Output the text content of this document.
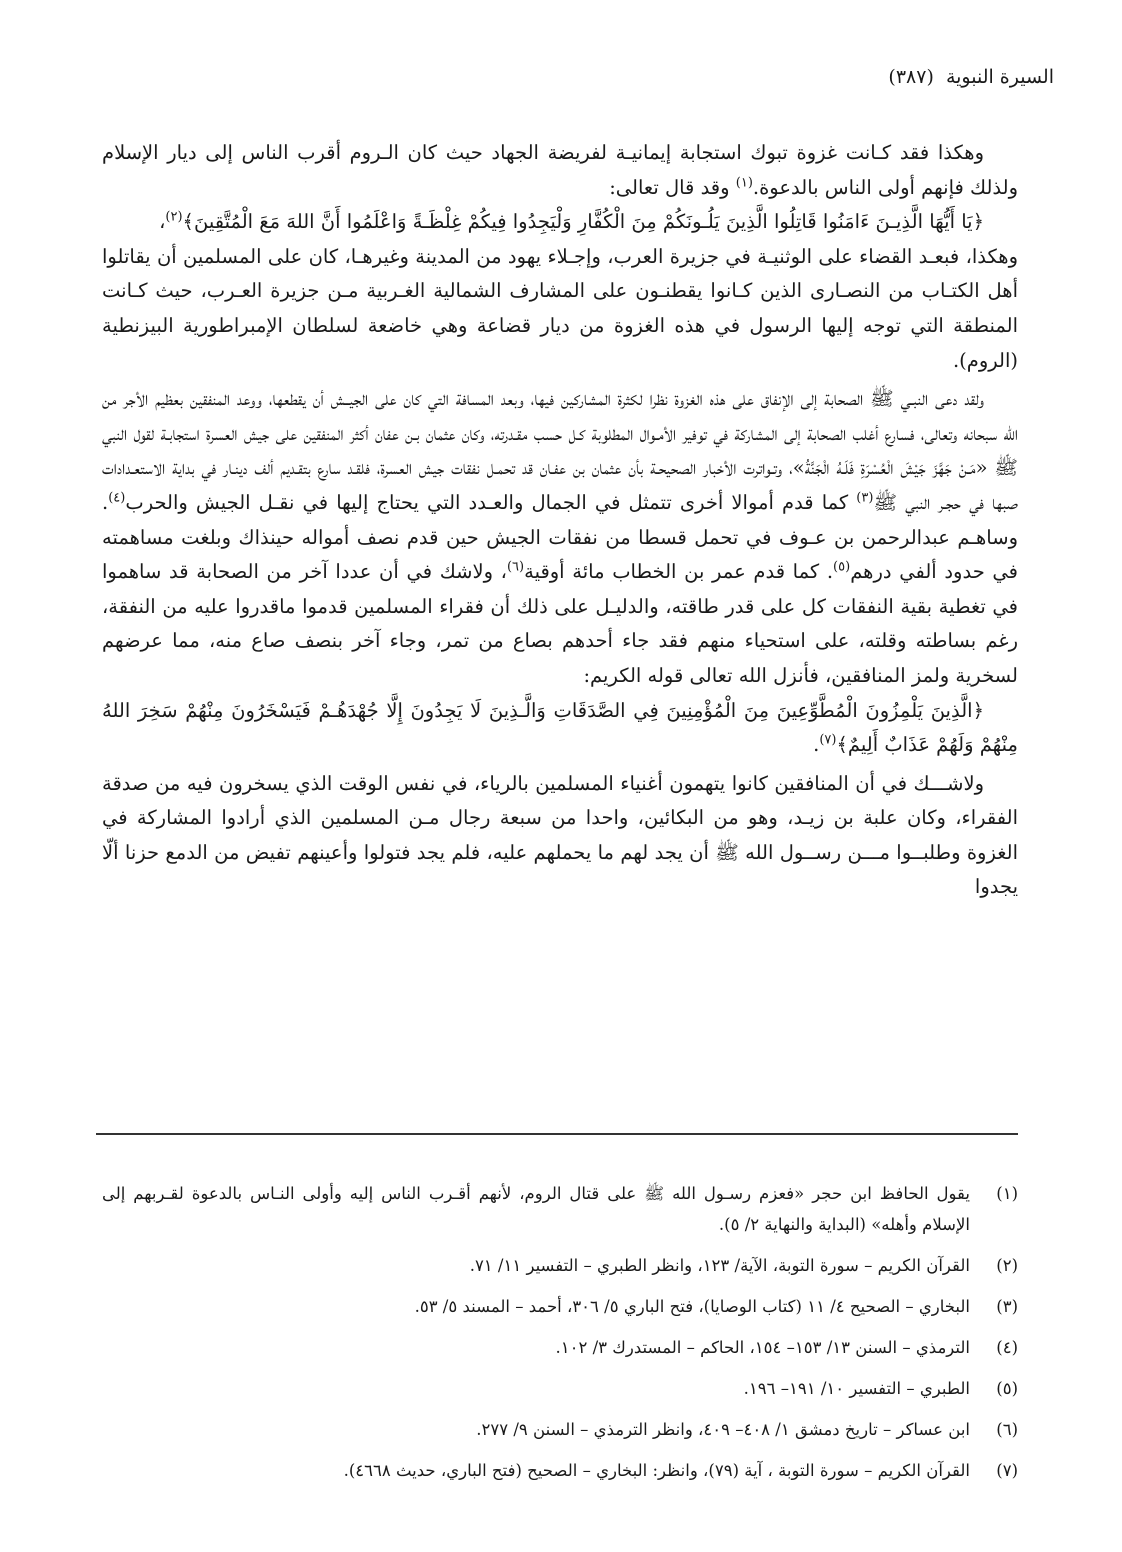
السيرة النبوية (٣٨٧)

وهكذا فقد كـانت غزوة تبوك استجابة إيمانيـة لفريضة الجهاد حيث كان الـروم أقرب الناس إلى ديار الإسلام ولذلك فإنهم أولى الناس بالدعوة.$^{(١)}$ وقد قال تعالى:

﴿يَا أَيُّهَا الَّذِيـنَ ءَامَنُوا قَاتِلُوا الَّذِينَ يَلُـونَكُمْ مِنَ الْكُفَّارِ وَلْيَجِدُوا فِيكُمْ غِلْظَـةً وَاعْلَمُوا أَنَّ اللهَ مَعَ الْمُتَّقِينَ﴾$^{(٢)}$،

وهكذا، فبعـد القضاء على الوثنيـة في جزيرة العرب، وإجـلاء يهود من المدينة وغيرهـا، كان على المسلمين أن يقاتلوا أهل الكتـاب من النصـارى الذين كـانوا يقطنـون على المشارف الشمالية الغـربية مـن جزيرة العـرب، حيث كـانت المنطقة التي توجه إليها الرسول في هذه الغزوة من ديار قضاعة وهي خاضعة لسلطان الإمبراطورية البيزنطية (الروم).

ولقد دعى النبـي ﷺ الصحابة إلى الإنفاق على هذه الغزوة نظرا لكثرة المشاركين فيها، وبعد المسافة التي كان على الجيــش أن يقطعها، ووعد المنفقين بعظيم الأجر من الله سبحانه وتعالى، فسارع أغلب الصحابة إلى المشاركة في توفير الأمـوال المطلوبة كـل حسب مقـدرته، وكان عثمان بـن عفان أكثر المنفقين على جيش العسرة استجابـة لقول النبي ﷺ «مَـنْ جَهَّزَ جَيْشَ الْعُسْرَةِ فَلَـهُ الْجَنَّةُ»، وتـواترت الأخبار الصحيحـة بأن عثمان بن عفـان قد تحمـل نفقات جيش العسرة، فلقـد سارع بتقـديم ألف دينـار في بداية الاستعـدادات صبها في حجـر النبي ﷺ$^{(٣)}$ كما قدم أموالا أخرى تتمثل في الجمال والعـدد التي يحتاج إليها في نقـل الجيش والحرب$^{(٤)}$. وساهـم عبدالرحمن بن عـوف في تحمل قسطا من نفقات الجيش حين قدم نصف أمواله حينذاك وبلغت مساهمته في حدود ألفي درهم$^{(٥)}$. كما قدم عمر بن الخطاب مائة أوقية$^{(٦)}$، ولاشك في أن عددا آخر من الصحابة قد ساهموا في تغطية بقية النفقات كل على قدر طاقته، والدليـل على ذلك أن فقراء المسلمين قدموا ماقدروا عليه من النفقة، رغم بساطته وقلته، على استحياء منهم فقد جاء أحدهم بصاع من تمر، وجاء آخر بنصف صاع منه، مما عرضهم لسخرية ولمز المنافقين، فأنزل الله تعالى قوله الكريم:

﴿الَّذِينَ يَلْمِزُونَ الْمُطَّوِّعِينَ مِنَ الْمُؤْمِنِينَ فِي الصَّدَقَاتِ وَالَّـذِينَ لَا يَجِدُونَ إِلَّا جُهْدَهُـمْ فَيَسْخَرُونَ مِنْهُمْ سَخِرَ اللهُ مِنْهُمْ وَلَهُمْ عَذَابٌ أَلِيمٌ﴾$^{(٧)}$.

ولاشـــك في أن المنافقين كانوا يتهمون أغنياء المسلمين بالرياء، في نفس الوقت الذي يسخرون فيه من صدقة الفقراء، وكان علبة بن زيـد، وهو من البكائين، واحدا من سبعة رجال مـن المسلمين الذي أرادوا المشاركة في الغزوة وطلبــوا مـــن رســول الله ﷺ أن يجد لهم ما يحملهم عليه، فلم يجد فتولوا وأعينهم تفيض من الدمع حزنا ألّا يجدوا

(١)
يقول الحافظ ابن حجر «فعزم رسـول الله ﷺ على قتال الروم، لأنهم أقـرب الناس إليه وأولى النـاس بالدعوة لقـربهم إلى الإسلام وأهله» (البداية والنهاية ٢/ ٥).
(٢)
القرآن الكريم – سورة التوبة، الآية/ ١٢٣، وانظر الطبري – التفسير ١١/ ٧١.
(٣)
البخاري – الصحيح ٤/ ١١ (كتاب الوصايا)، فتح الباري ٥/ ٣٠٦، أحمد – المسند ٥/ ٥٣.
(٤)
الترمذي – السنن ١٣/ ١٥٣– ١٥٤، الحاكم – المستدرك ٣/ ١٠٢.
(٥)
الطبري – التفسير ١٠/ ١٩١– ١٩٦.
(٦)
ابن عساكر – تاريخ دمشق ١/ ٤٠٨– ٤٠٩، وانظر الترمذي – السنن ٩/ ٢٧٧.
(٧)
القرآن الكريم – سورة التوبة ، آية (٧٩)، وانظر: البخاري – الصحيح (فتح الباري، حديث ٤٦٦٨).
